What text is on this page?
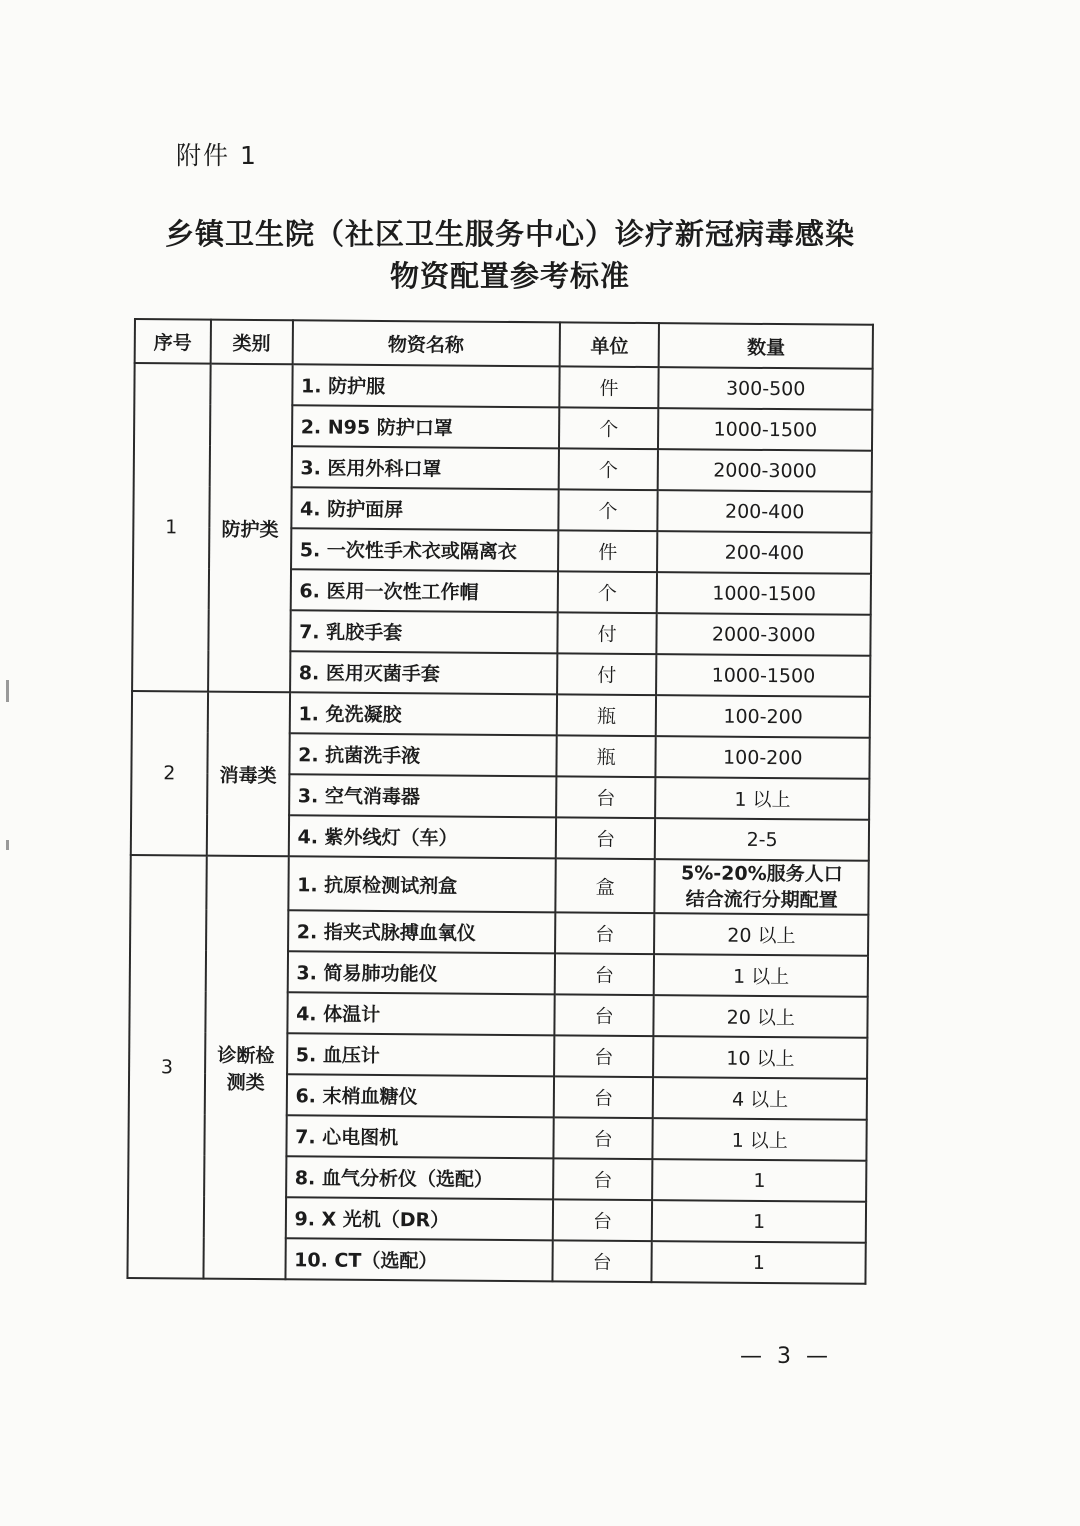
附件 1
乡镇卫生院（社区卫生服务中心）诊疗新冠病毒感染
物资配置参考标准
序号	类别	物资名称	单位	数量
1	防护类	1. 防护服	件	300-500
		2. N95 防护口罩	个	1000-1500
		3. 医用外科口罩	个	2000-3000
		4. 防护面屏	个	200-400
		5. 一次性手术衣或隔离衣	件	200-400
		6. 医用一次性工作帽	个	1000-1500
		7. 乳胶手套	付	2000-3000
		8. 医用灭菌手套	付	1000-1500
2	消毒类	1. 免洗凝胶	瓶	100-200
		2. 抗菌洗手液	瓶	100-200
		3. 空气消毒器	台	1 以上
		4. 紫外线灯（车）	台	2-5
3	诊断检测类	1. 抗原检测试剂盒	盒	5%-20%服务人口
结合流行分期配置

		2. 指夹式脉搏血氧仪	台	20 以上
		3. 简易肺功能仪	台	1 以上
		4. 体温计	台	20 以上
		5. 血压计	台	10 以上
		6. 末梢血糖仪	台	4 以上
		7. 心电图机	台	1 以上
		8. 血气分析仪（选配）	台	1
		9. X 光机（DR）	台	1
		10. CT（选配）	台	1
— 3 —
